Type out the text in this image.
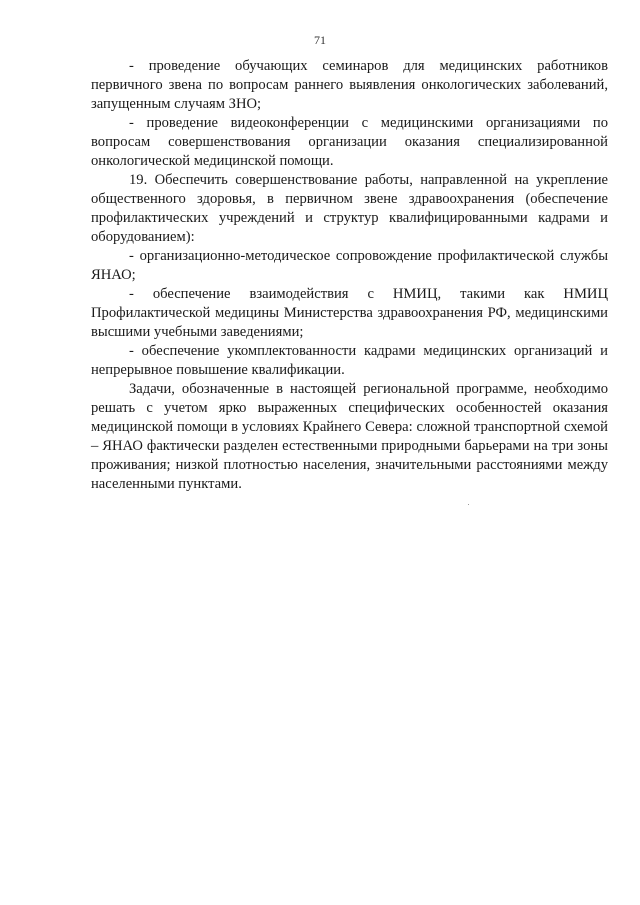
71

- проведение обучающих семинаров для медицинских работников первичного звена по вопросам раннего выявления онкологических заболеваний, запущенным случаям ЗНО;

- проведение видеоконференции с медицинскими организациями по вопросам совершенствования организации оказания специализированной онкологической медицинской помощи.

19. Обеспечить совершенствование работы, направленной на укрепление общественного здоровья, в первичном звене здравоохранения (обеспечение профилактических учреждений и структур квалифицированными кадрами и оборудованием):

- организационно-методическое сопровождение профилактической службы ЯНАО;

- обеспечение взаимодействия с НМИЦ, такими как НМИЦ Профилактической медицины Министерства здравоохранения РФ, медицинскими высшими учебными заведениями;

- обеспечение укомплектованности кадрами медицинских организаций и непрерывное повышение квалификации.

Задачи, обозначенные в настоящей региональной программе, необходимо решать с учетом ярко выраженных специфических особенностей оказания медицинской помощи в условиях Крайнего Севера: сложной транспортной схемой – ЯНАО фактически разделен естественными природными барьерами на три зоны проживания; низкой плотностью населения, значительными расстояниями между населенными пунктами.
